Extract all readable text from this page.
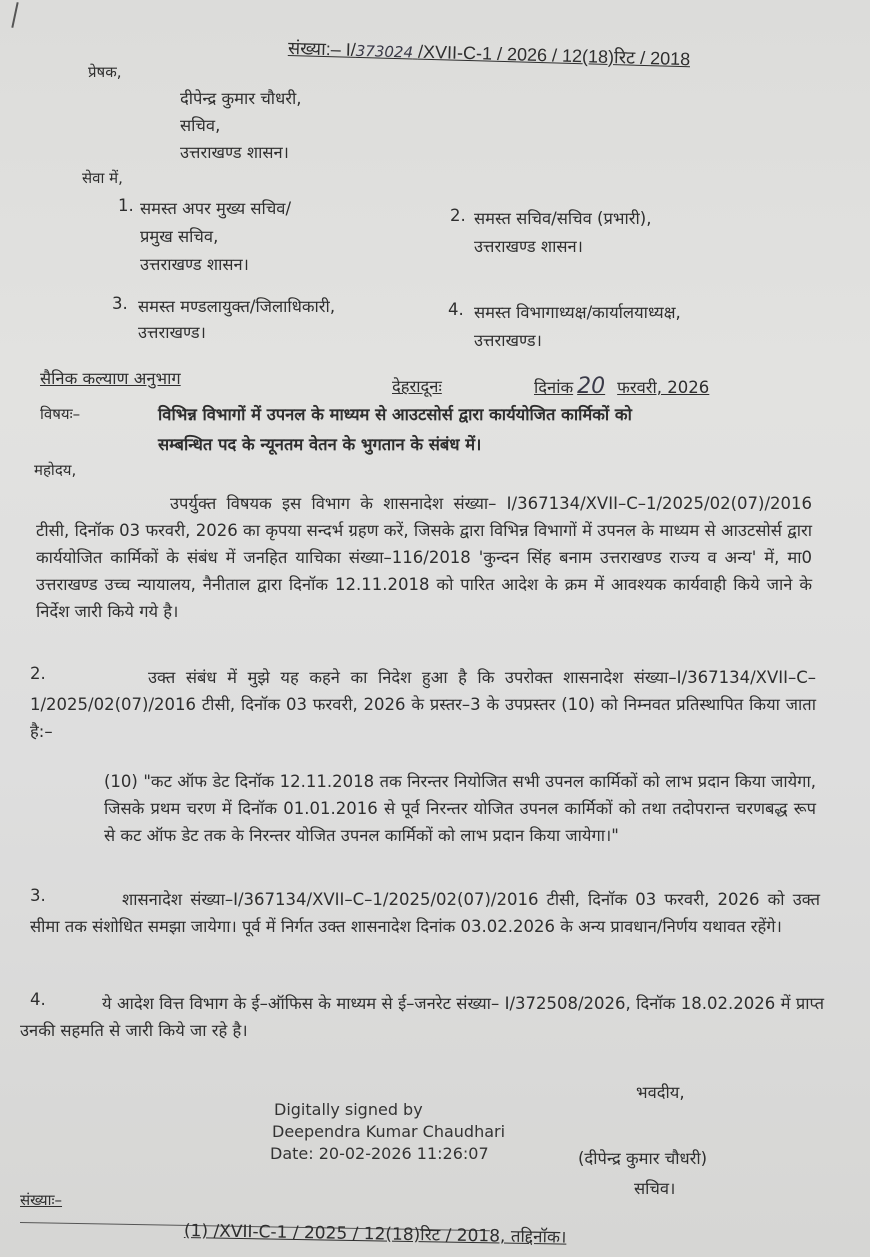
संख्या:– I/373024 /XVII-C-1 / 2026 / 12(18)रिट / 2018
प्रेषक,
दीपेन्द्र कुमार चौधरी,
सचिव,
उत्तराखण्ड शासन।
सेवा में,
1. समस्त अपर मुख्य सचिव/
प्रमुख सचिव,
उत्तराखण्ड शासन।
2. समस्त सचिव/सचिव (प्रभारी),
उत्तराखण्ड शासन।
3. समस्त मण्डलायुक्त/जिलाधिकारी,
उत्तराखण्ड।
4. समस्त विभागाध्यक्ष/कार्यालयाध्यक्ष,
उत्तराखण्ड।
सैनिक कल्याण अनुभाग	देहरादूनः	दिनांक 20 फरवरी, 2026
विषयः–	विभिन्न विभागों में उपनल के माध्यम से आउटसोर्स द्वारा कार्ययोजित कार्मिकों को
सम्बन्धित पद के न्यूनतम वेतन के भुगतान के संबंध में।
महोदय,
उपर्युक्त विषयक इस विभाग के शासनादेश संख्या– I/367134/XVII–C–1/2025/02(07)/2016 टीसी, दिनॉक 03 फरवरी, 2026 का कृपया सन्दर्भ ग्रहण करें, जिसके द्वारा विभिन्न विभागों में उपनल के माध्यम से आउटसोर्स द्वारा कार्ययोजित कार्मिकों के संबंध में जनहित याचिका संख्या–116/2018 'कुन्दन सिंह बनाम उत्तराखण्ड राज्य व अन्य' में, मा0 उत्तराखण्ड उच्च न्यायालय, नैनीताल द्वारा दिनॉक 12.11.2018 को पारित आदेश के क्रम में आवश्यक कार्यवाही किये जाने के निर्देश जारी किये गये है।
2.	उक्त संबंध में मुझे यह कहने का निदेश हुआ है कि उपरोक्त शासनादेश संख्या–I/367134/XVII–C–1/2025/02(07)/2016 टीसी, दिनॉक 03 फरवरी, 2026 के प्रस्तर–3 के उपप्रस्तर (10) को निम्नवत प्रतिस्थापित किया जाता है:–
(10) "कट ऑफ डेट दिनॉक 12.11.2018 तक निरन्तर नियोजित सभी उपनल कार्मिकों को लाभ प्रदान किया जायेगा, जिसके प्रथम चरण में दिनॉक 01.01.2016 से पूर्व निरन्तर योजित उपनल कार्मिकों को तथा तदोपरान्त चरणबद्ध रूप से कट ऑफ डेट तक के निरन्तर योजित उपनल कार्मिकों को लाभ प्रदान किया जायेगा।"
3.	शासनादेश संख्या–I/367134/XVII–C–1/2025/02(07)/2016 टीसी, दिनॉक 03 फरवरी, 2026 को उक्त सीमा तक संशोधित समझा जायेगा। पूर्व में निर्गत उक्त शासनादेश दिनांक 03.02.2026 के अन्य प्रावधान/निर्णय यथावत रहेंगे।
4.	ये आदेश वित्त विभाग के ई–ऑफिस के माध्यम से ई–जनरेट संख्या– I/372508/2026, दिनॉक 18.02.2026 में प्राप्त उनकी सहमति से जारी किये जा रहे है।
भवदीय,
Digitally signed by
Deependra Kumar Chaudhari
Date: 20-02-2026 11:26:07	(दीपेन्द्र कुमार चौधरी)
सचिव।
संख्याः–
(1) /XVII-C-1 / 2025 / 12(18)रिट / 2018, तद्दिनॉक।
